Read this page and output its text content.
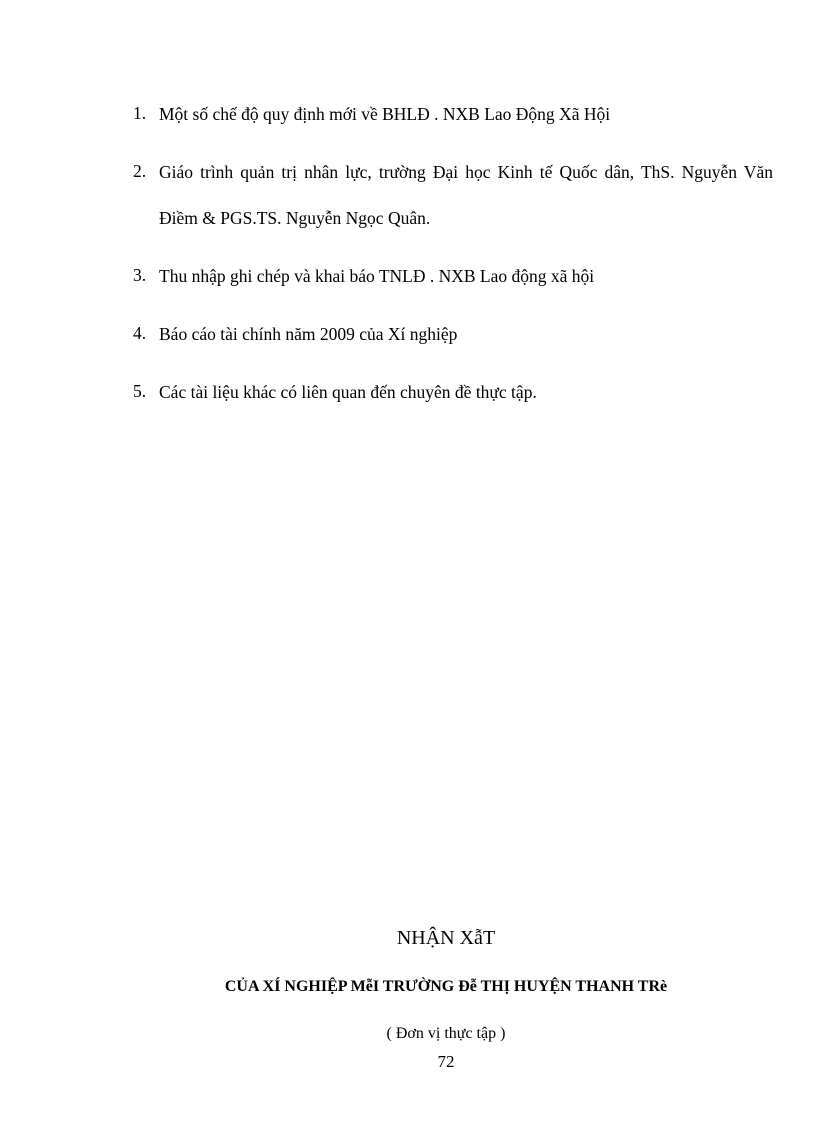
1. Một số chế độ quy định mới về BHLĐ . NXB Lao Động Xã Hội
2. Giáo trình quản trị nhân lực, trường Đại học Kinh tế Quốc dân, ThS. Nguyễn Văn Điềm & PGS.TS. Nguyễn Ngọc Quân.
3. Thu nhập ghi chép và khai báo TNLĐ . NXB Lao động xã hội
4. Báo cáo tài chính năm 2009 của Xí nghiệp
5. Các tài liệu khác có liên quan đến chuyên đề thực tập.
NHẬN XẫT
CỦA XÍ NGHIỆP MễI TRƯỜNG Đễ THỊ HUYỆN THANH TRè
( Đơn vị thực tập )
72
